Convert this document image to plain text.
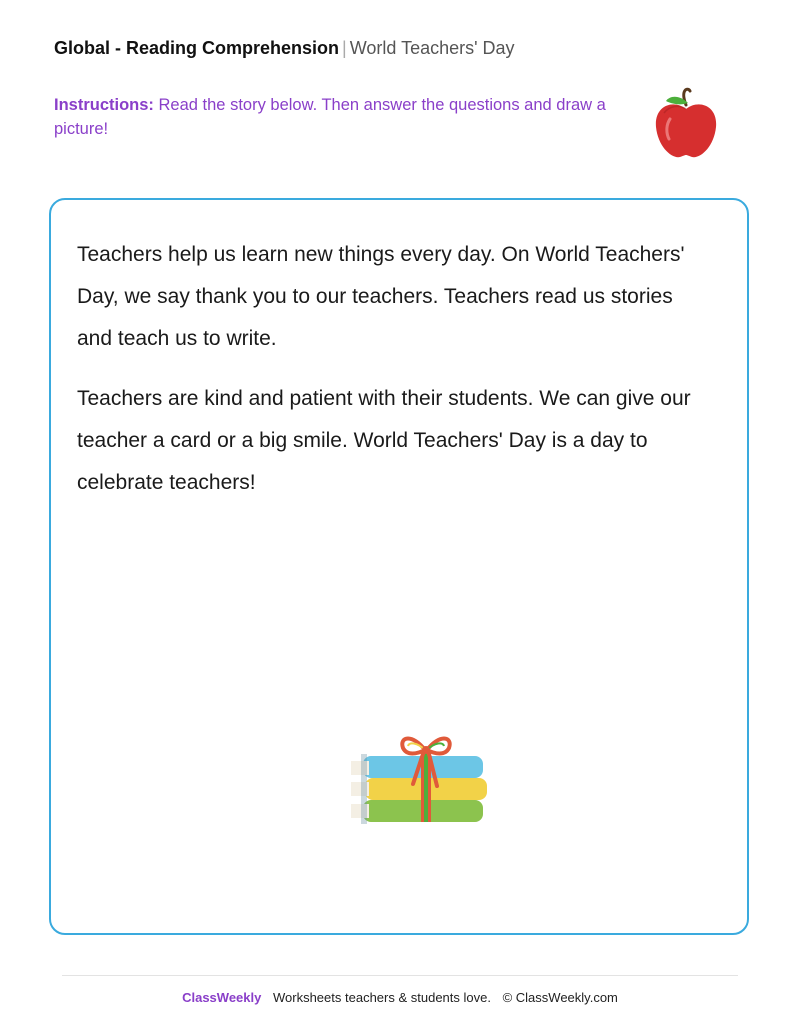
Global - Reading Comprehension | World Teachers' Day
Instructions: Read the story below. Then answer the questions and draw a picture!

Teachers help us learn new things every day. On World Teachers' Day, we say thank you to our teachers. Teachers read us stories and teach us to write.

Teachers are kind and patient with their students. We can give our teacher a card or a big smile. World Teachers' Day is a day to celebrate teachers!

ClassWeekly Worksheets teachers & students love. © ClassWeekly.com
